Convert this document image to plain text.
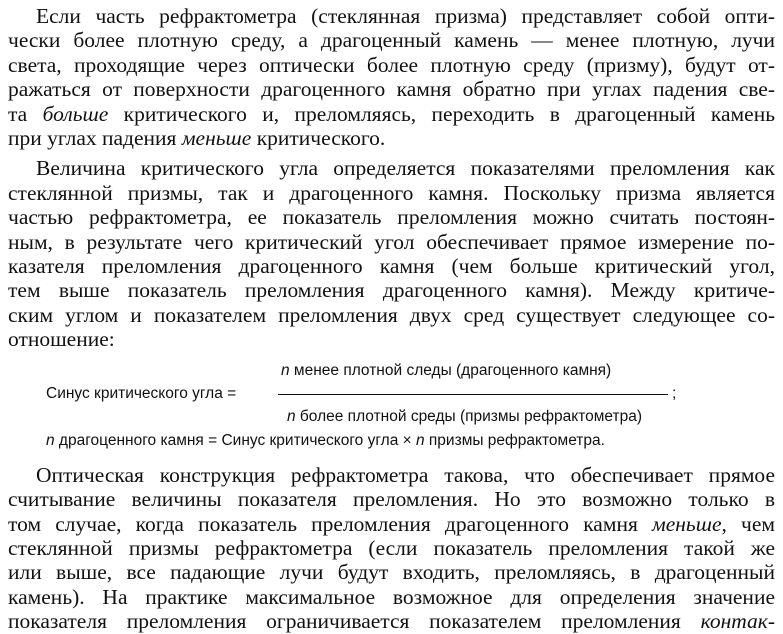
Если часть рефрактометра (стеклянная призма) представляет собой опти-
чески более плотную среду, а драгоценный камень — менее плотную, лучи
света, проходящие через оптически более плотную среду (призму), будут от-
ражаться от поверхности драгоценного камня обратно при углах падения све-
та больше критического и, преломляясь, переходить в драгоценный камень
при углах падения меньше критического.

Величина критического угла определяется показателями преломления как
стеклянной призмы, так и драгоценного камня. Поскольку призма является
частью рефрактометра, ее показатель преломления можно считать постоян-
ным, в результате чего критический угол обеспечивает прямое измерение по-
казателя преломления драгоценного камня (чем больше критический угол,
тем выше показатель преломления драгоценного камня). Между критиче-
ским углом и показателем преломления двух сред существует следующее со-
отношение:

Синус критического угла =
n менее плотной следы (драгоценного камня)
n более плотной среды (призмы рефрактометра)
;
n драгоценного камня = Синус критического угла × n призмы рефрактометра.

Оптическая конструкция рефрактометра такова, что обеспечивает прямое
считывание величины показателя преломления. Но это возможно только в
том случае, когда показатель преломления драгоценного камня меньше, чем
стеклянной призмы рефрактометра (если показатель преломления такой же
или выше, все падающие лучи будут входить, преломляясь, в драгоценный
камень). На практике максимальное возможное для определения значение
показателя преломления ограничивается показателем преломления контак-
